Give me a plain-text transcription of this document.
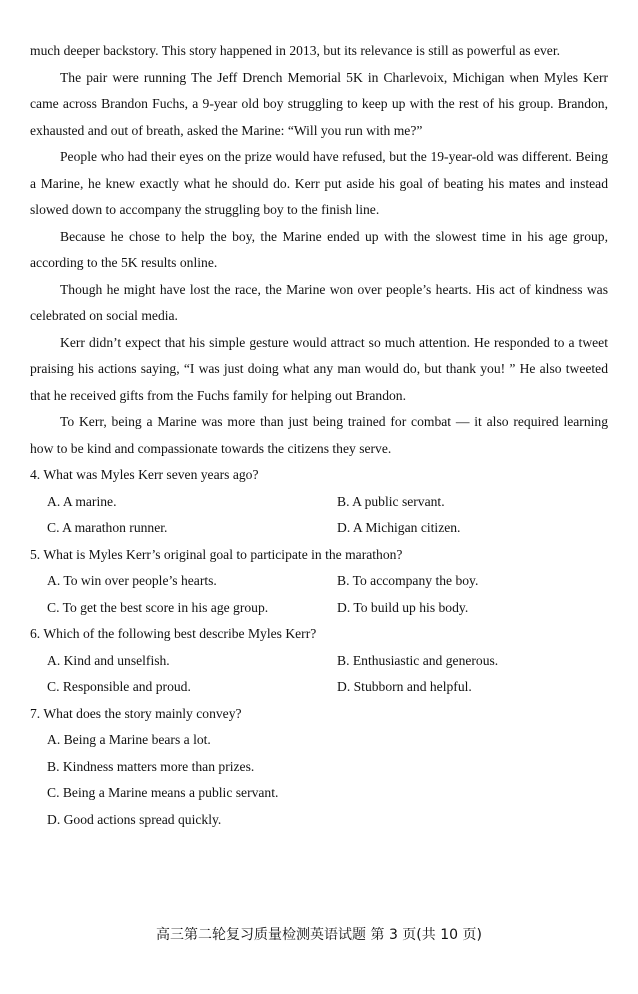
much deeper backstory. This story happened in 2013, but its relevance is still as powerful as ever.

The pair were running The Jeff Drench Memorial 5K in Charlevoix, Michigan when Myles Kerr came across Brandon Fuchs, a 9-year old boy struggling to keep up with the rest of his group. Brandon, exhausted and out of breath, asked the Marine: “Will you run with me?”

People who had their eyes on the prize would have refused, but the 19-year-old was different. Being a Marine, he knew exactly what he should do. Kerr put aside his goal of beating his mates and instead slowed down to accompany the struggling boy to the finish line.

Because he chose to help the boy, the Marine ended up with the slowest time in his age group, according to the 5K results online.

Though he might have lost the race, the Marine won over people’s hearts. His act of kindness was celebrated on social media.

Kerr didn’t expect that his simple gesture would attract so much attention. He responded to a tweet praising his actions saying, “I was just doing what any man would do, but thank you! ” He also tweeted that he received gifts from the Fuchs family for helping out Brandon.

To Kerr, being a Marine was more than just being trained for combat — it also required learning how to be kind and compassionate towards the citizens they serve.

4. What was Myles Kerr seven years ago?

A. A marine.	B. A public servant.
C. A marathon runner.	D. A Michigan citizen.

5. What is Myles Kerr’s original goal to participate in the marathon?

A. To win over people’s hearts.	B. To accompany the boy.
C. To get the best score in his age group.	D. To build up his body.

6. Which of the following best describe Myles Kerr?

A. Kind and unselfish.	B. Enthusiastic and generous.
C. Responsible and proud.	D. Stubborn and helpful.

7. What does the story mainly convey?

A. Being a Marine bears a lot.
B. Kindness matters more than prizes.
C. Being a Marine means a public servant.
D. Good actions spread quickly.
高三第二轮复习质量检测英语试题 第 3 页(共 10 页)
